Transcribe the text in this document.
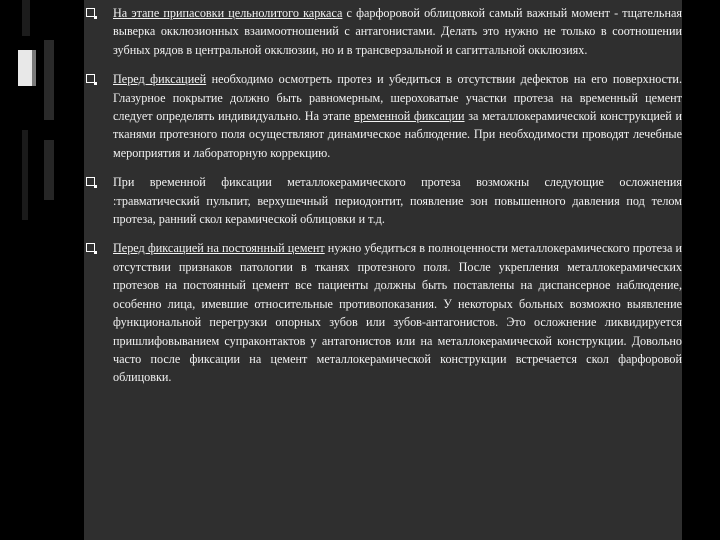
На этапе припасовки цельнолитого каркаса с фарфоровой облицовкой самый важный момент - тщательная выверка окклюзионных взаимоотношений с антагонистами. Делать это нужно не только в соотношении зубных рядов в центральной окклюзии, но и в трансверзальной и сагиттальной окклюзиях.
Перед фиксацией необходимо осмотреть протез и убедиться в отсутствии дефектов на его поверхности. Глазурное покрытие должно быть равномерным, шероховатые участки протеза на временный цемент следует определять индивидуально. На этапе временной фиксации за металлокерамической конструкцией и тканями протезного поля осуществляют динамическое наблюдение. При необходимости проводят лечебные мероприятия и лабораторную коррекцию.
При временной фиксации металлокерамического протеза возможны следующие осложнения :травматический пульпит, верхушечный периодонтит, появление зон повышенного давления под телом протеза, ранний скол керамической облицовки и т.д.
Перед фиксацией на постоянный цемент нужно убедиться в полноценности металлокерамического протеза и отсутствии признаков патологии в тканях протезного поля. После укрепления металлокерамических протезов на постоянный цемент все пациенты должны быть поставлены на диспансерное наблюдение, особенно лица, имевшие относительные противопоказания. У некоторых больных возможно выявление функциональной перегрузки опорных зубов или зубов-антагонистов. Это осложнение ликвидируется пришлифовыванием супраконтактов у антагонистов или на металлокерамической конструкции. Довольно часто после фиксации на цемент металлокерамической конструкции встречается скол фарфоровой облицовки.
